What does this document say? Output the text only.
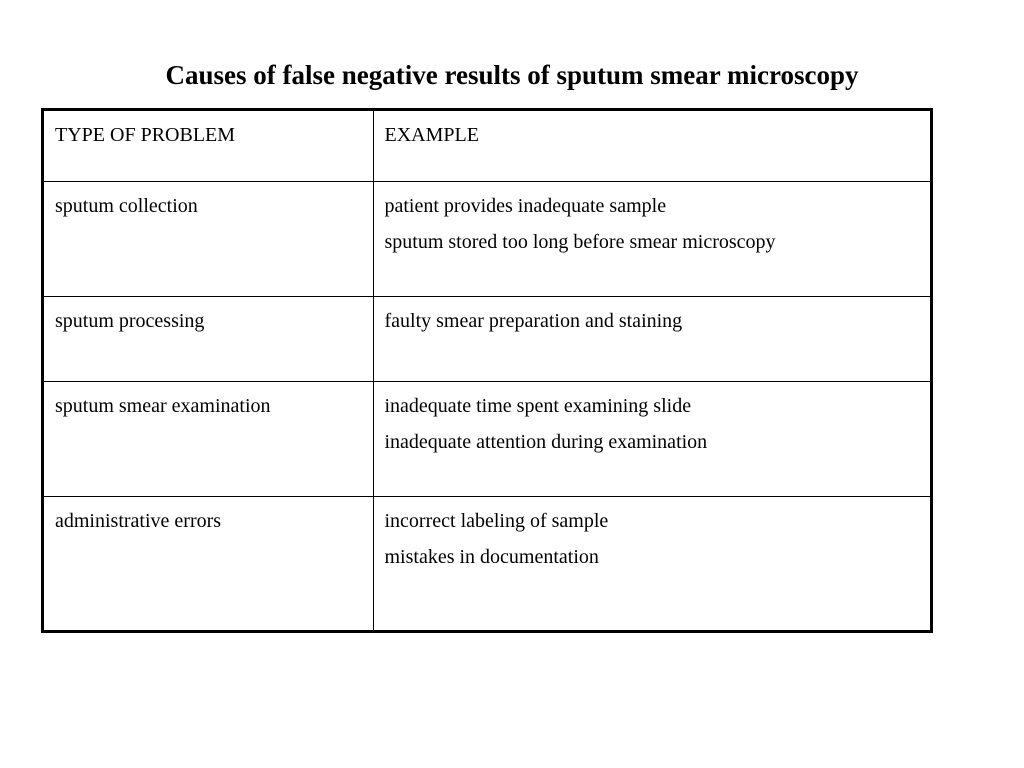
Causes of false negative results of sputum smear microscopy
TYPE OF PROBLEM	EXAMPLE

sputum collection	patient provides inadequate sample
sputum stored too long before smear microscopy

sputum processing	faulty smear preparation and staining

sputum smear examination	inadequate time spent examining slide
inadequate attention during examination

administrative errors	incorrect labeling of sample
mistakes in documentation
